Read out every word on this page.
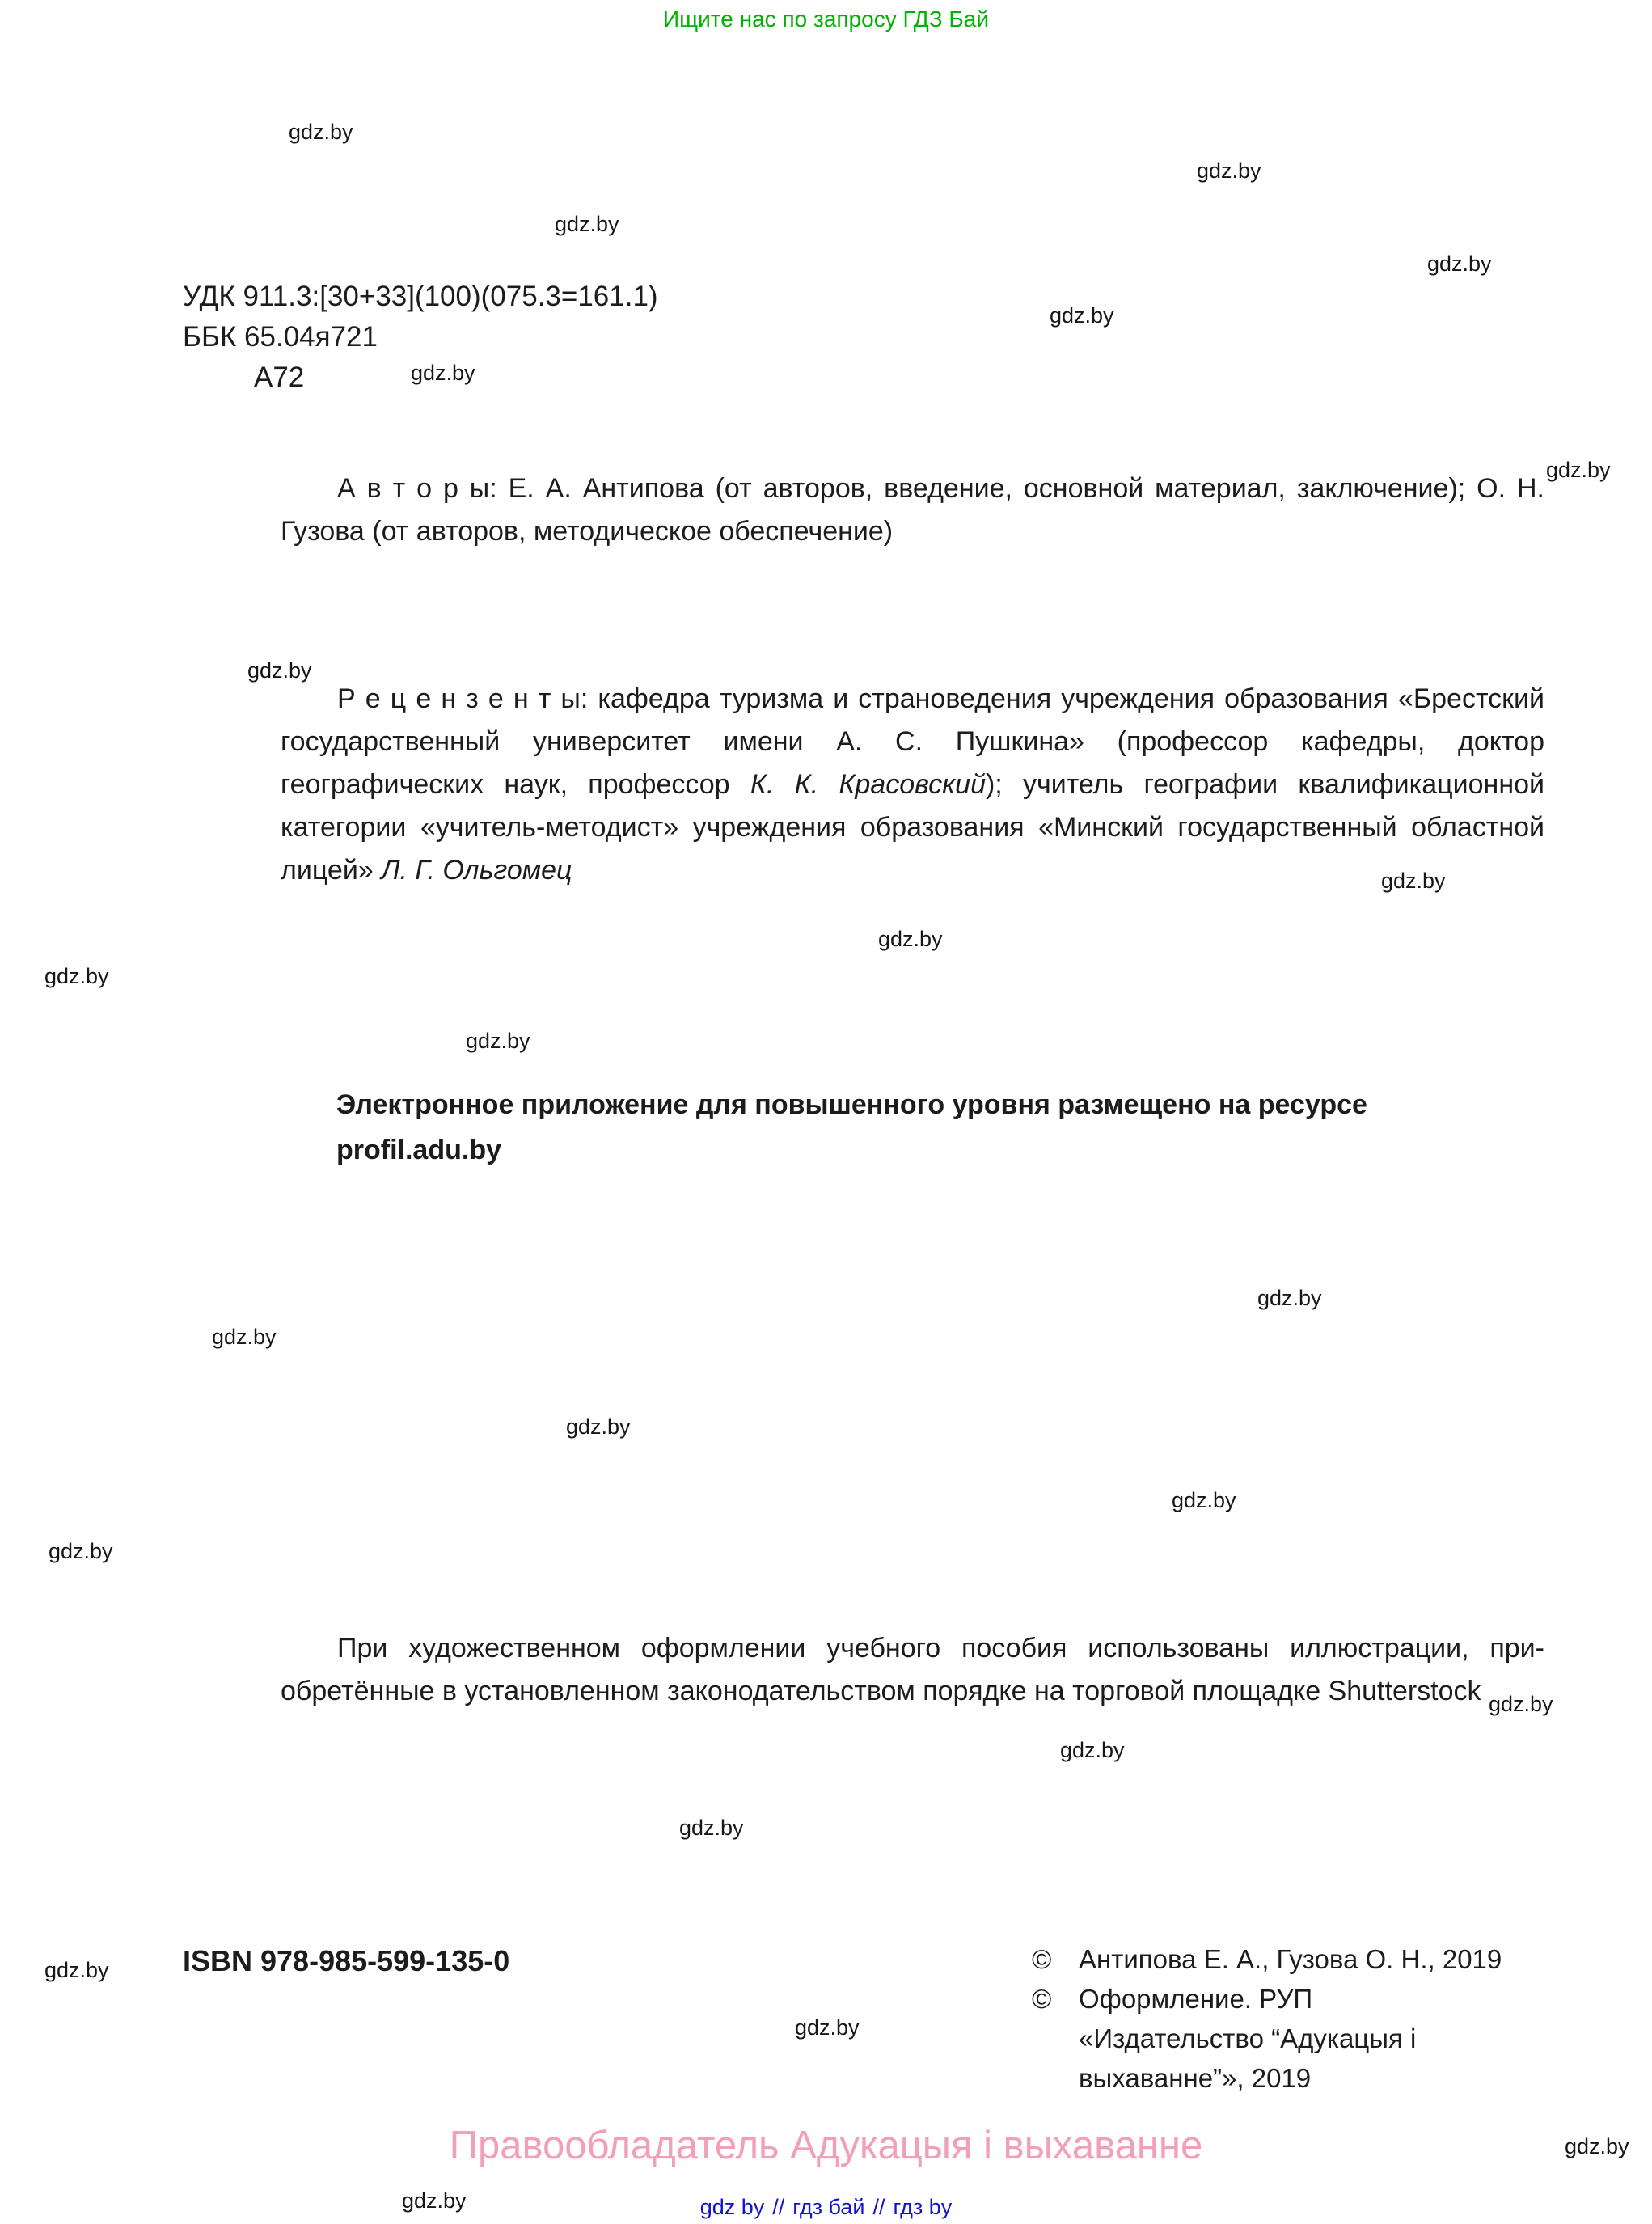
Ищите нас по запросу ГДЗ Бай
gdz.by
gdz.by
gdz.by
gdz.by
gdz.by
gdz.by
gdz.by
gdz.by
gdz.by
gdz.by
gdz.by
gdz.by
gdz.by
gdz.by
gdz.by
gdz.by
gdz.by
gdz.by
gdz.by
gdz.by
gdz.by
gdz.by
gdz.by
gdz.by
УДК 911.3:[30+33](100)(075.3=161.1)
ББК 65.04я721
А72

А в т о р ы: Е. А. Антипова (от авторов, введение, основной материал, заключение); О. Н. Гузова (от авторов, методическое обеспечение)

Р е ц е н з е н т ы: кафедра туризма и страноведения учреждения образования «Брестский государственный университет имени А. С. Пушкина» (профессор кафедры, доктор географических наук, профессор К. К. Красовский); учитель географии квалификационной категории «учитель-методист» учреждения образования «Минский государственный областной лицей» Л. Г. Ольгомец

Электронное приложение для повышенного уровня размещено на ресурсе profil.adu.by

При художественном оформлении учебного пособия использованы иллюстрации, приобретённые в установленном законодательством порядке на торговой площадке Shutterstock

ISBN 978-985-599-135-0	©	Антипова Е. А., Гузова О. Н., 2019
©	Оформление. РУП «Издательство “Адукацыя і выхаванне”», 2019
Правообладатель Адукацыя і выхаванне
gdz by // гдз бай // гдз by
